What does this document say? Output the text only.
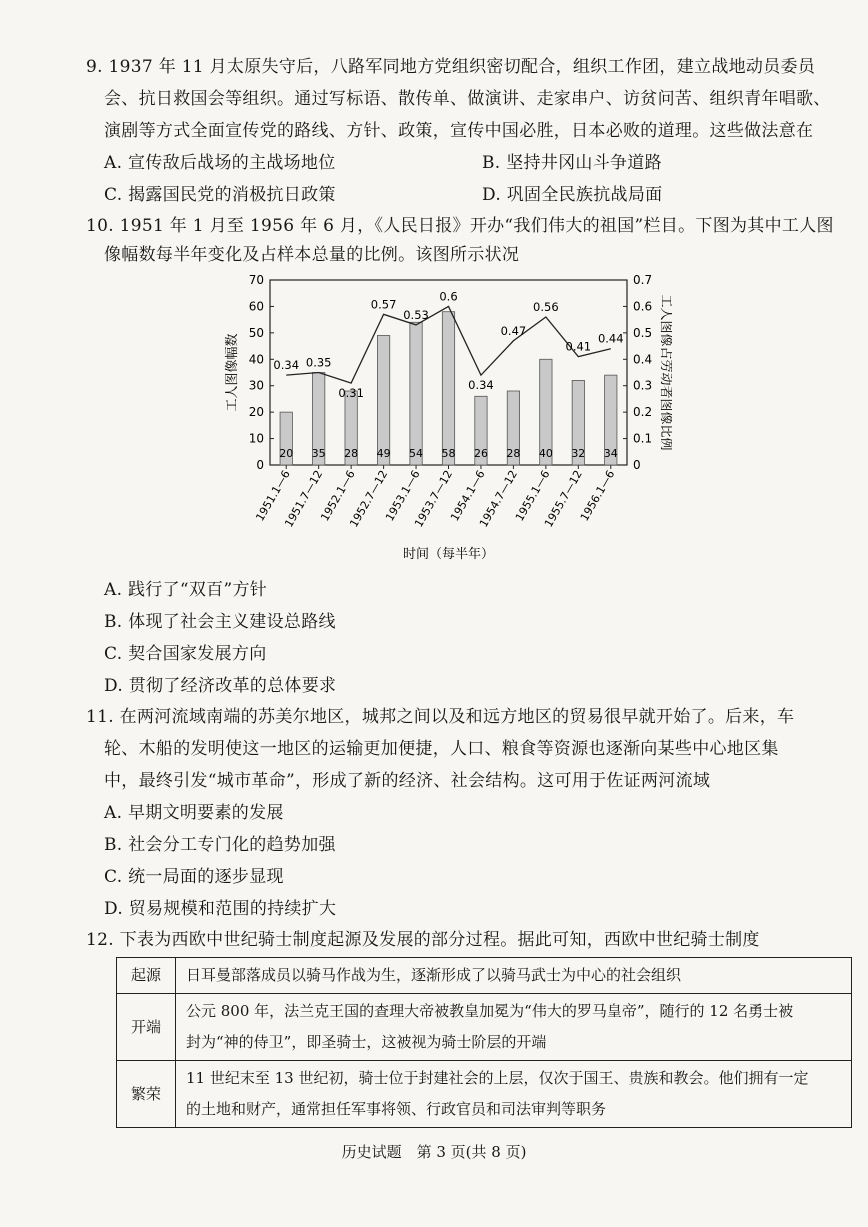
9. 1937 年 11 月太原失守后，八路军同地方党组织密切配合，组织工作团，建立战地动员委员
会、抗日救国会等组织。通过写标语、散传单、做演讲、走家串户、访贫问苦、组织青年唱歌、
演剧等方式全面宣传党的路线、方针、政策，宣传中国必胜，日本必败的道理。这些做法意在
A. 宣传敌后战场的主战场地位	B. 坚持井冈山斗争道路
C. 揭露国民党的消极抗日政策	D. 巩固全民族抗战局面
10. 1951 年 1 月至 1956 年 6 月，《人民日报》开办“我们伟大的祖国”栏目。下图为其中工人图
像幅数每半年变化及占样本总量的比例。该图所示状况
0
10
20
30
40
50
60
70
0
0.1
0.2
0.3
0.4
0.5
0.6
0.7
工人图像幅数	工人图像占劳动者图像比例
20
1951.1—6
35
1951.7—12
28
1952.1—6
49
1952.7—12
54
1953.1—6
58
1953.7—12
26
1954.1—6
28
1954.7—12
40
1955.1—6
32
1955.7—12
34
1956.1—6
0.34 0.35
0.31
0.57
0.53
0.6
0.34
0.47
0.56
0.41
0.44
时间（每半年）
A. 践行了“双百”方针
B. 体现了社会主义建设总路线
C. 契合国家发展方向
D. 贯彻了经济改革的总体要求
11. 在两河流域南端的苏美尔地区，城邦之间以及和远方地区的贸易很早就开始了。后来，车
轮、木船的发明使这一地区的运输更加便捷，人口、粮食等资源也逐渐向某些中心地区集
中，最终引发“城市革命”，形成了新的经济、社会结构。这可用于佐证两河流域
A. 早期文明要素的发展
B. 社会分工专门化的趋势加强
C. 统一局面的逐步显现
D. 贸易规模和范围的持续扩大
12. 下表为西欧中世纪骑士制度起源及发展的部分过程。据此可知，西欧中世纪骑士制度
起源	日耳曼部落成员以骑马作战为生，逐渐形成了以骑马武士为中心的社会组织

开端	公元 800 年，法兰克王国的查理大帝被教皇加冕为“伟大的罗马皇帝”，随行的 12 名勇士被
封为“神的侍卫”，即圣骑士，这被视为骑士阶层的开端

繁荣	11 世纪末至 13 世纪初，骑士位于封建社会的上层，仅次于国王、贵族和教会。他们拥有一定
的土地和财产，通常担任军事将领、行政官员和司法审判等职务
历史试题　第 3 页(共 8 页)
